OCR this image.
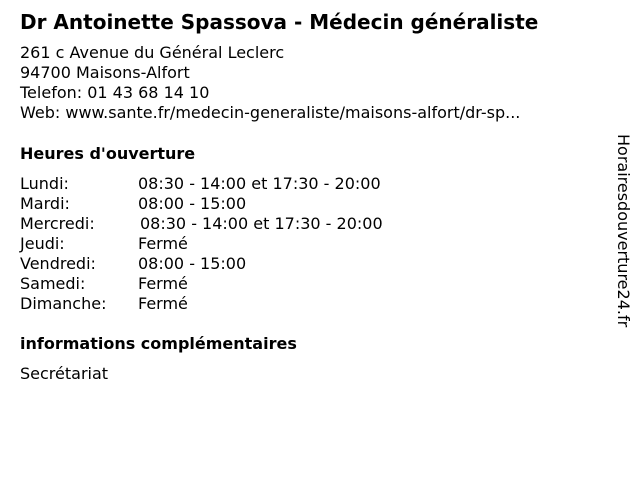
Dr Antoinette Spassova - Médecin généraliste
261 c Avenue du Général Leclerc
94700 Maisons-Alfort
Telefon: 01 43 68 14 10
Web: www.sante.fr/medecin-generaliste/maisons-alfort/dr-sp...
Heures d'ouverture
Lundi:	08:30 - 14:00 et 17:30 - 20:00
Mardi:	08:00 - 15:00
Mercredi:	08:30 - 14:00 et 17:30 - 20:00
Jeudi:	Fermé
Vendredi:	08:00 - 15:00
Samedi:	Fermé
Dimanche: Fermé
informations complémentaires
Secrétariat
Horairesdouverture24.fr
